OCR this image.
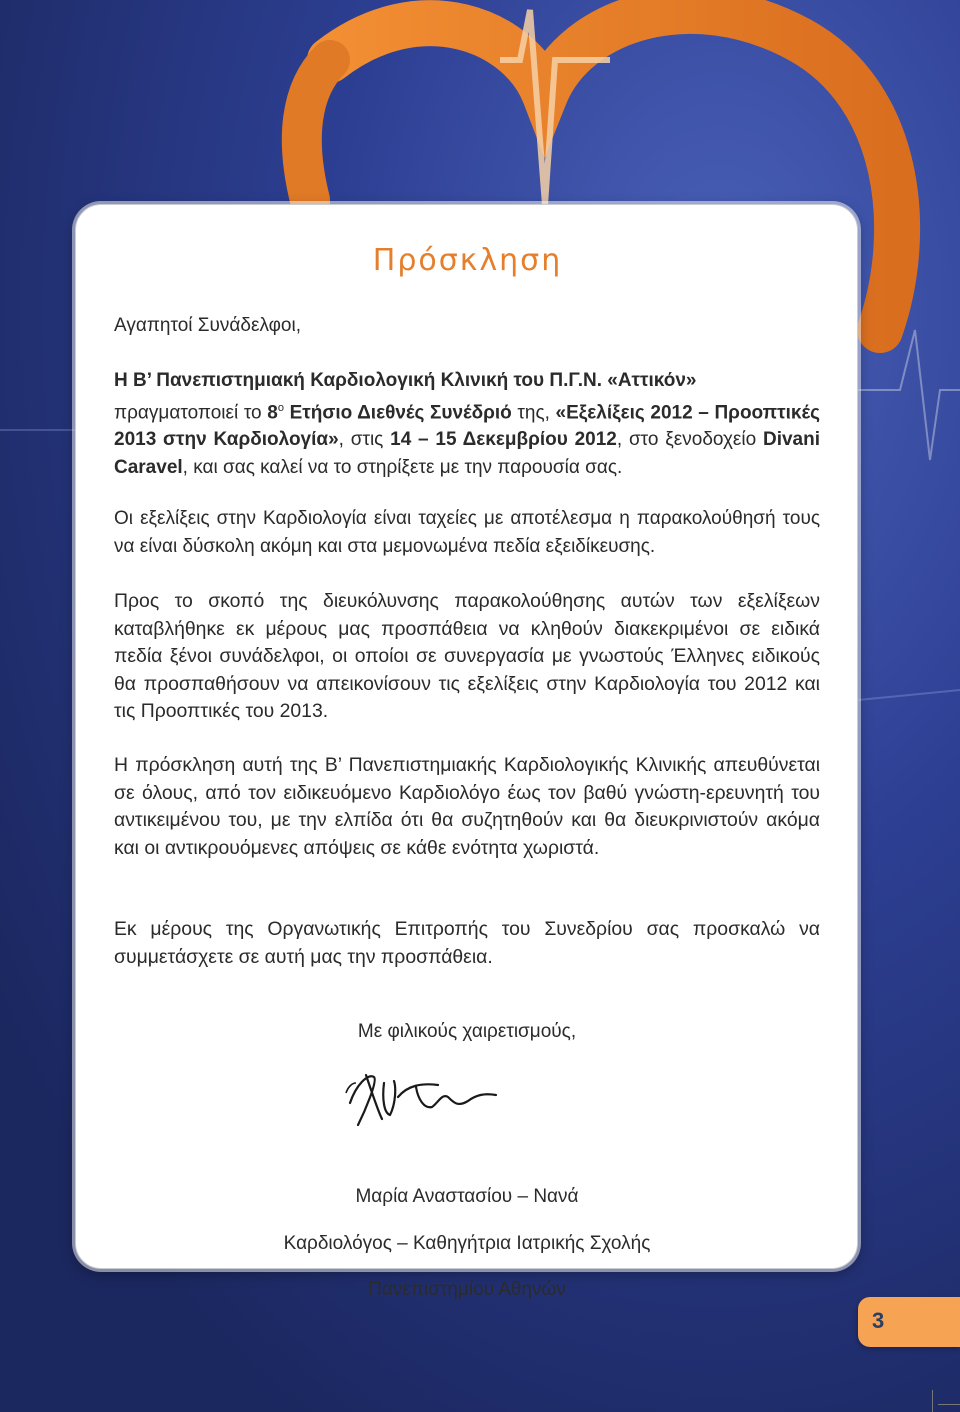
Πρόσκληση

Αγαπητοί Συνάδελφοι,

Η Β’ Πανεπιστημιακή Καρδιολογική Κλινική του Π.Γ.Ν. «Αττικόν»
πραγματοποιεί το $8^o$ Ετήσιο Διεθνές Συνέδριό της, «Εξελίξεις 2012 – Προοπτικές 2013 στην Καρδιολογία», στις 14 – 15 Δεκεμβρίου 2012, στο ξενοδοχείο Divani Caravel, και σας καλεί να το στηρίξετε με την παρουσία σας.

Οι εξελίξεις στην Καρδιολογία είναι ταχείες με αποτέλεσμα η παρακολούθησή τους να είναι δύσκολη ακόμη και στα μεμονωμένα πεδία εξειδίκευσης.

Προς το σκοπό της διευκόλυνσης παρακολούθησης αυτών των εξελίξεων καταβλήθηκε εκ μέρους μας προσπάθεια να κληθούν διακεκριμένοι σε ειδικά πεδία ξένοι συνάδελφοι, οι οποίοι σε συνεργασία με γνωστούς Έλληνες ειδικούς θα προσπαθήσουν να απεικονίσουν τις εξελίξεις στην Καρδιολογία του 2012 και τις Προοπτικές του 2013.

Η πρόσκληση αυτή της Β’ Πανεπιστημιακής Καρδιολογικής Κλινικής απευθύνεται σε όλους, από τον ειδικευόμενο Καρδιολόγο έως τον βαθύ γνώστη-ερευνητή του αντικειμένου του, με την ελπίδα ότι θα συζητηθούν και θα διευκρινιστούν ακόμα και οι αντικρουόμενες απόψεις σε κάθε ενότητα χωριστά.

Εκ μέρους της Οργανωτικής Επιτροπής του Συνεδρίου σας προσκαλώ να συμμετάσχετε σε αυτή μας την προσπάθεια.

Με φιλικούς χαιρετισμούς,

Μαρία Αναστασίου – Νανά

Καρδιολόγος – Καθηγήτρια Ιατρικής Σχολής

Πανεπιστημίου Αθηνών

3
